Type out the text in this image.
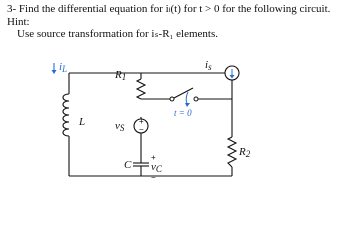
3- Find the differential equation for iₗ(t) for t > 0 for the following circuit. Hint:
Use source transformation for iₛ-R₁ elements.
+
−
iL	R1
L	vS
t = 0
is
C
+
vC
−
R2
